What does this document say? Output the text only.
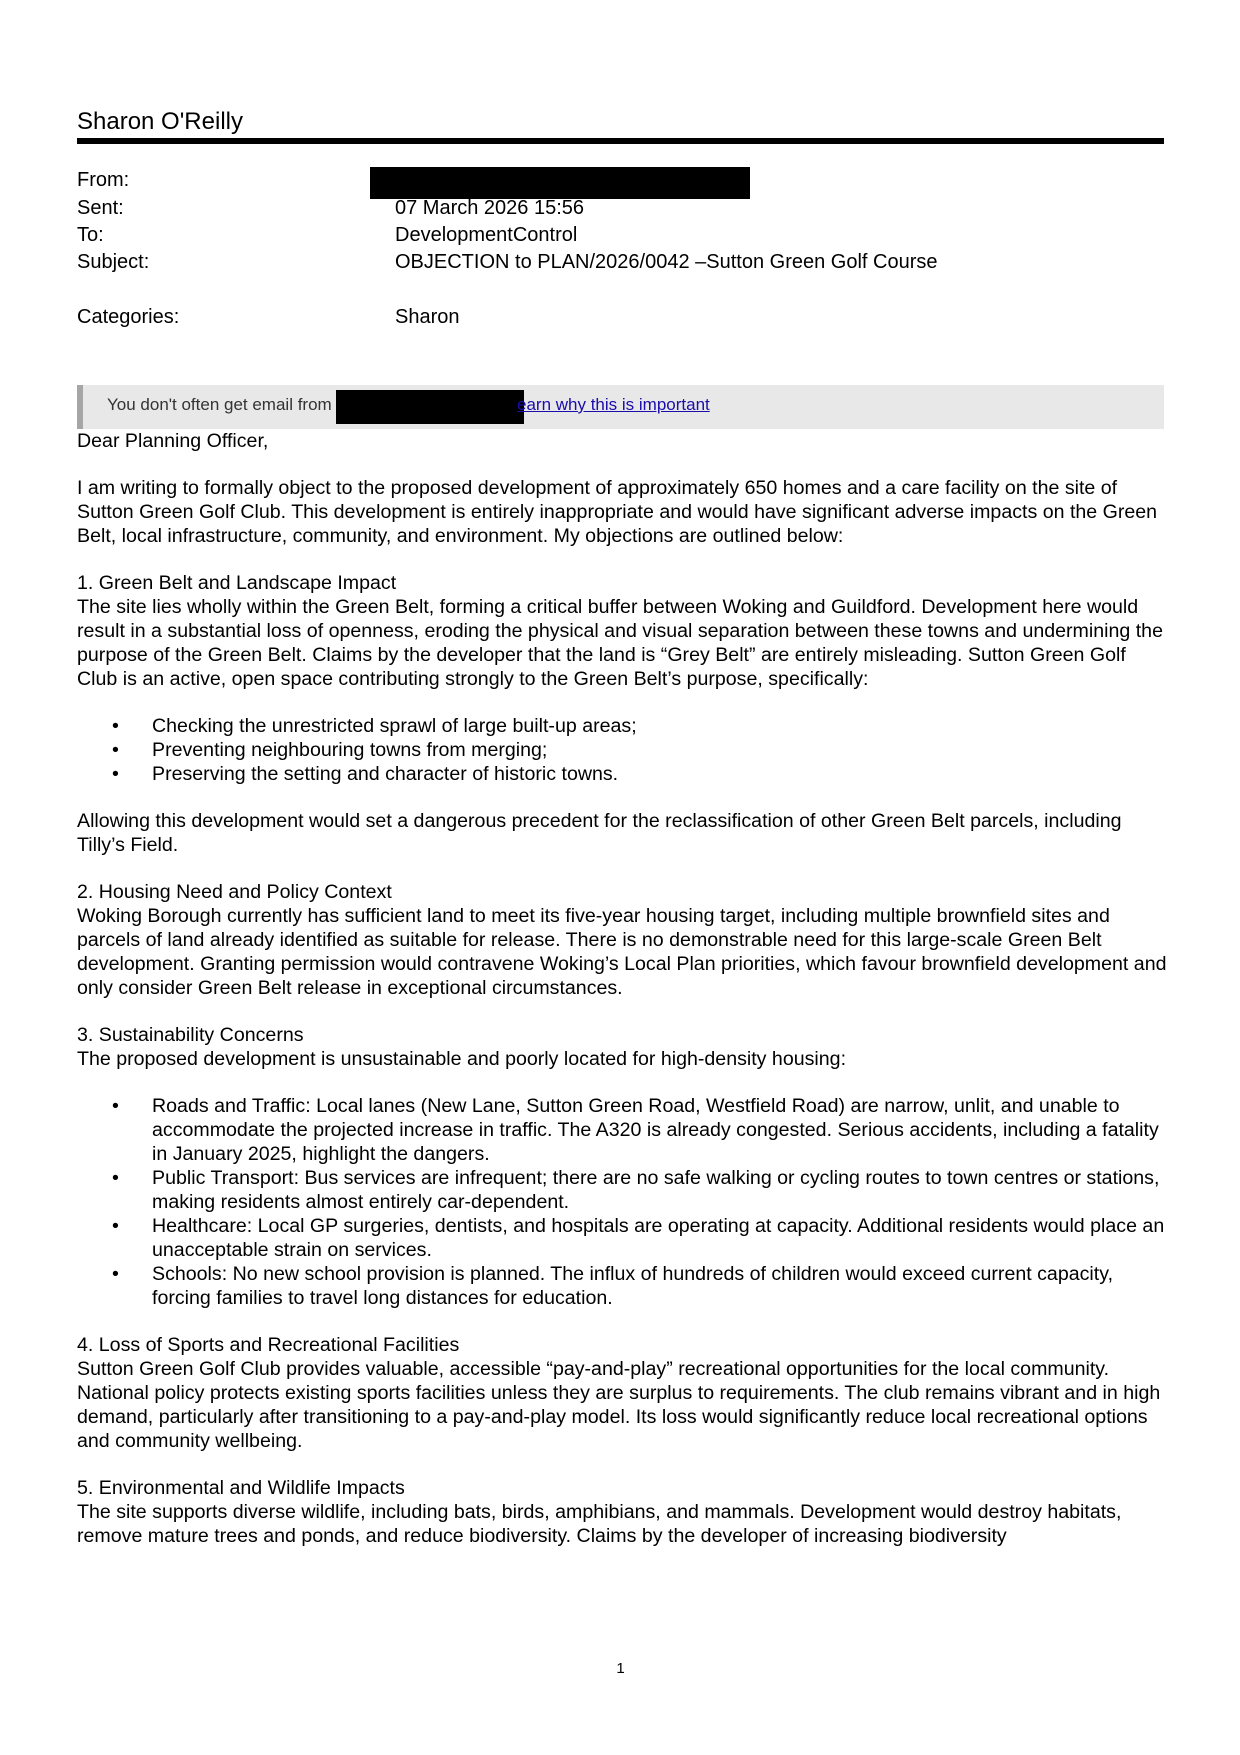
Sharon O'Reilly
From:
Sent:	07 March 2026 15:56
To:	DevelopmentControl
Subject:	OBJECTION to PLAN/2026/0042 –Sutton Green Golf Course
Categories:	Sharon
You don't often get email from	earn why this is important

Dear Planning Officer,

I am writing to formally object to the proposed development of approximately 650 homes and a care facility on the site of Sutton Green Golf Club. This development is entirely inappropriate and would have significant adverse impacts on the Green Belt, local infrastructure, community, and environment. My objections are outlined below:

1. Green Belt and Landscape Impact

The site lies wholly within the Green Belt, forming a critical buffer between Woking and Guildford. Development here would result in a substantial loss of openness, eroding the physical and visual separation between these towns and undermining the purpose of the Green Belt. Claims by the developer that the land is “Grey Belt” are entirely misleading. Sutton Green Golf Club is an active, open space contributing strongly to the Green Belt’s purpose, specifically:

• Checking the unrestricted sprawl of large built-up areas;
• Preventing neighbouring towns from merging;
• Preserving the setting and character of historic towns.

Allowing this development would set a dangerous precedent for the reclassification of other Green Belt parcels, including Tilly’s Field.

2. Housing Need and Policy Context

Woking Borough currently has sufficient land to meet its five-year housing target, including multiple brownfield sites and parcels of land already identified as suitable for release. There is no demonstrable need for this large-scale Green Belt development. Granting permission would contravene Woking’s Local Plan priorities, which favour brownfield development and only consider Green Belt release in exceptional circumstances.

3. Sustainability Concerns

The proposed development is unsustainable and poorly located for high-density housing:

• Roads and Traffic: Local lanes (New Lane, Sutton Green Road, Westfield Road) are narrow, unlit, and unable to accommodate the projected increase in traffic. The A320 is already congested. Serious accidents, including a fatality in January 2025, highlight the dangers.
• Public Transport: Bus services are infrequent; there are no safe walking or cycling routes to town centres or stations, making residents almost entirely car-dependent.
• Healthcare: Local GP surgeries, dentists, and hospitals are operating at capacity. Additional residents would place an unacceptable strain on services.
• Schools: No new school provision is planned. The influx of hundreds of children would exceed current capacity, forcing families to travel long distances for education.

4. Loss of Sports and Recreational Facilities

Sutton Green Golf Club provides valuable, accessible “pay-and-play” recreational opportunities for the local community. National policy protects existing sports facilities unless they are surplus to requirements. The club remains vibrant and in high demand, particularly after transitioning to a pay-and-play model. Its loss would significantly reduce local recreational options and community wellbeing.

5. Environmental and Wildlife Impacts

The site supports diverse wildlife, including bats, birds, amphibians, and mammals. Development would destroy habitats, remove mature trees and ponds, and reduce biodiversity. Claims by the developer of increasing biodiversity

1
